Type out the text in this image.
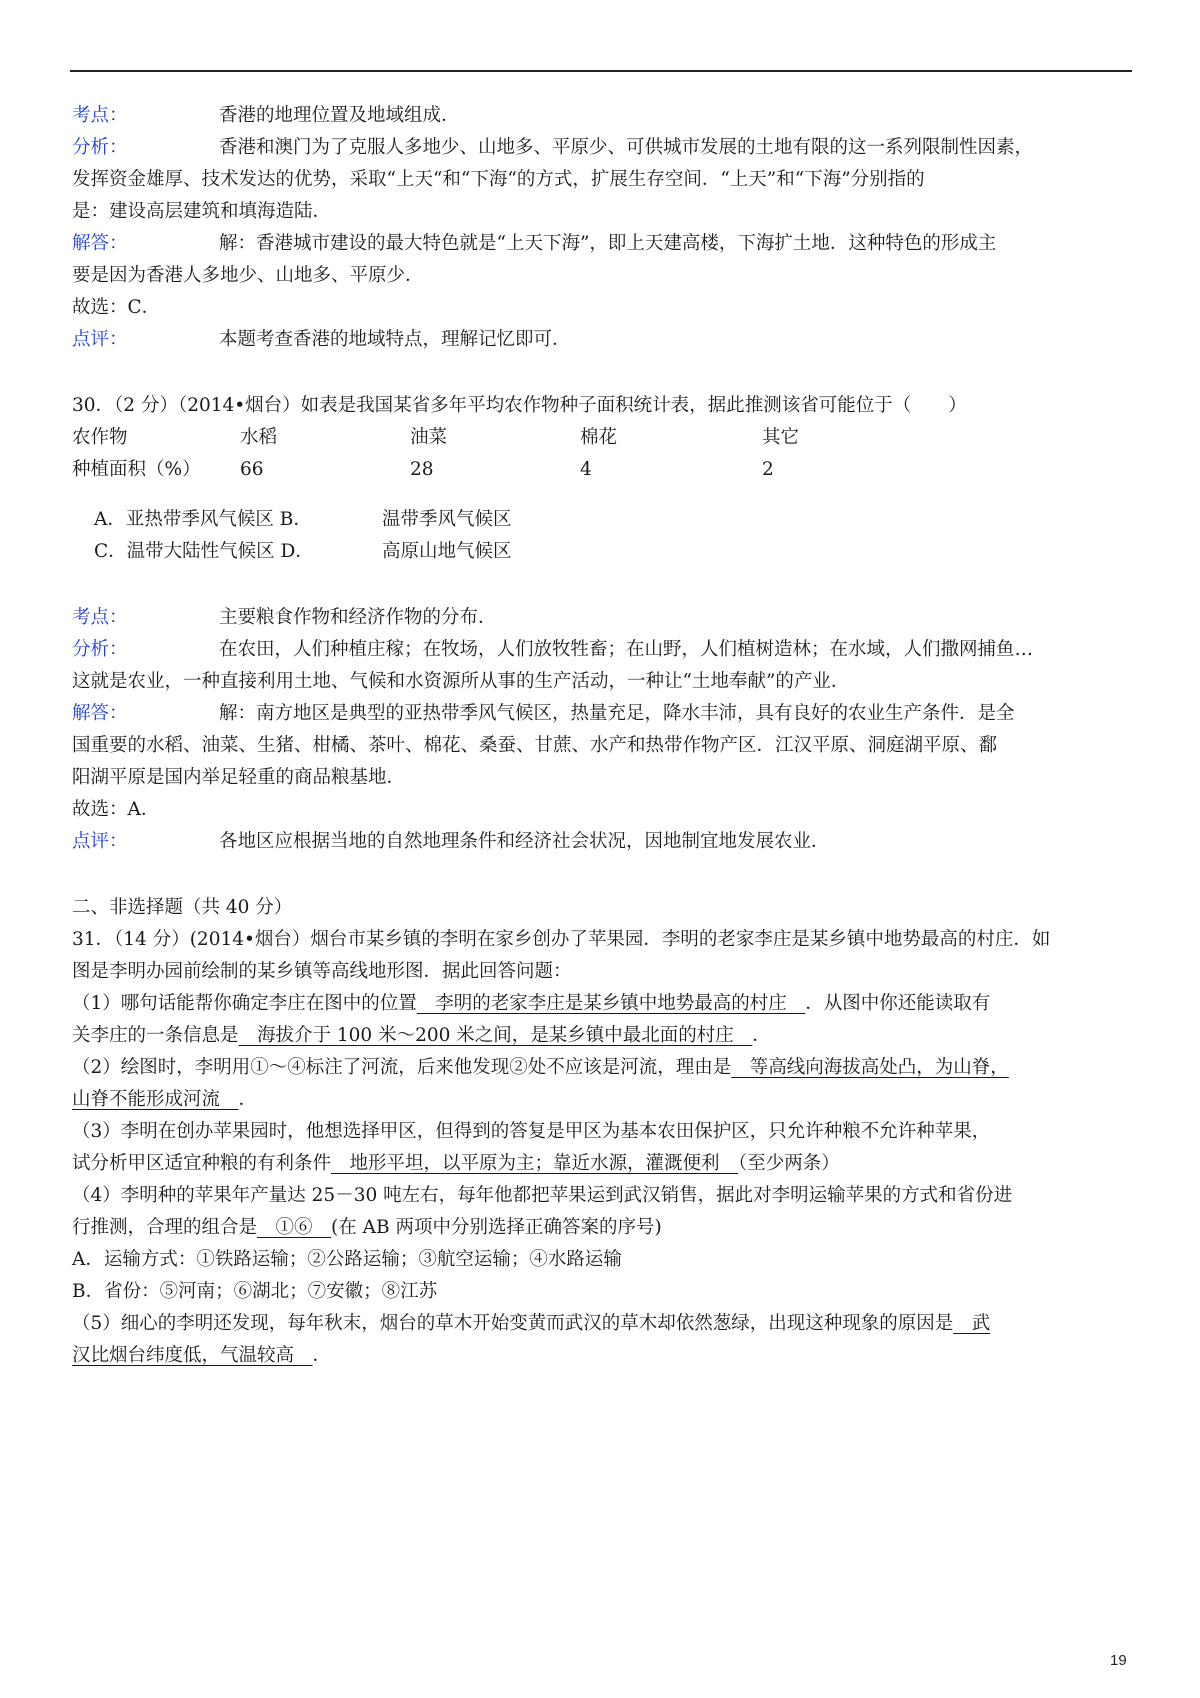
考点：	香港的地理位置及地域组成．

分析：	香港和澳门为了克服人多地少、山地多、平原少、可供城市发展的土地有限的这一系列限制性因素，

发挥资金雄厚、技术发达的优势，采取“上天“和“下海“的方式，扩展生存空间．“上天”和“下海”分别指的

是：建设高层建筑和填海造陆．

解答：	解：香港城市建设的最大特色就是“上天下海”，即上天建高楼，下海扩土地．这种特色的形成主

要是因为香港人多地少、山地多、平原少．

故选：C．

点评：	本题考查香港的地域特点，理解记忆即可．

30．（2 分）（2014•烟台）如表是我国某省多年平均农作物种子面积统计表，据此推测该省可能位于（　　）

农作物	水稻	油菜	棉花	其它
种植面积（%）	66	28	4	2

A．亚热带季风气候区 B．	温带季风气候区

C．温带大陆性气候区 D．	高原山地气候区

考点：	主要粮食作物和经济作物的分布．

分析：	在农田，人们种植庄稼；在牧场，人们放牧牲畜；在山野，人们植树造林；在水域，人们撒网捕鱼…

这就是农业，一种直接利用土地、气候和水资源所从事的生产活动，一种让“土地奉献”的产业．

解答：	解：南方地区是典型的亚热带季风气候区，热量充足，降水丰沛，具有良好的农业生产条件．是全

国重要的水稻、油菜、生猪、柑橘、茶叶、棉花、桑蚕、甘蔗、水产和热带作物产区．江汉平原、洞庭湖平原、鄱

阳湖平原是国内举足轻重的商品粮基地．

故选：A．

点评：	各地区应根据当地的自然地理条件和经济社会状况，因地制宜地发展农业．

二、非选择题（共 40 分）

31．（14 分）(2014•烟台）烟台市某乡镇的李明在家乡创办了苹果园．李明的老家李庄是某乡镇中地势最高的村庄．如

图是李明办园前绘制的某乡镇等高线地形图．据此回答问题：

（1）哪句话能帮你确定李庄在图中的位置　李明的老家李庄是某乡镇中地势最高的村庄　．从图中你还能读取有

关李庄的一条信息是　海拔介于 100 米～200 米之间，是某乡镇中最北面的村庄　．

（2）绘图时，李明用①～④标注了河流，后来他发现②处不应该是河流，理由是　等高线向海拔高处凸，为山脊，

山脊不能形成河流　．

（3）李明在创办苹果园时，他想选择甲区，但得到的答复是甲区为基本农田保护区，只允许种粮不允许种苹果，

试分析甲区适宜种粮的有利条件　地形平坦，以平原为主；靠近水源，灌溉便利　（至少两条）

（4）李明种的苹果年产量达 25－30 吨左右，每年他都把苹果运到武汉销售，据此对李明运输苹果的方式和省份进

行推测，合理的组合是　①⑥　(在 AB 两项中分别选择正确答案的序号)

A．运输方式：①铁路运输；②公路运输；③航空运输；④水路运输

B．省份：⑤河南；⑥湖北；⑦安徽；⑧江苏

（5）细心的李明还发现，每年秋末，烟台的草木开始变黄而武汉的草木却依然葱绿，出现这种现象的原因是　武

汉比烟台纬度低，气温较高　．

19
